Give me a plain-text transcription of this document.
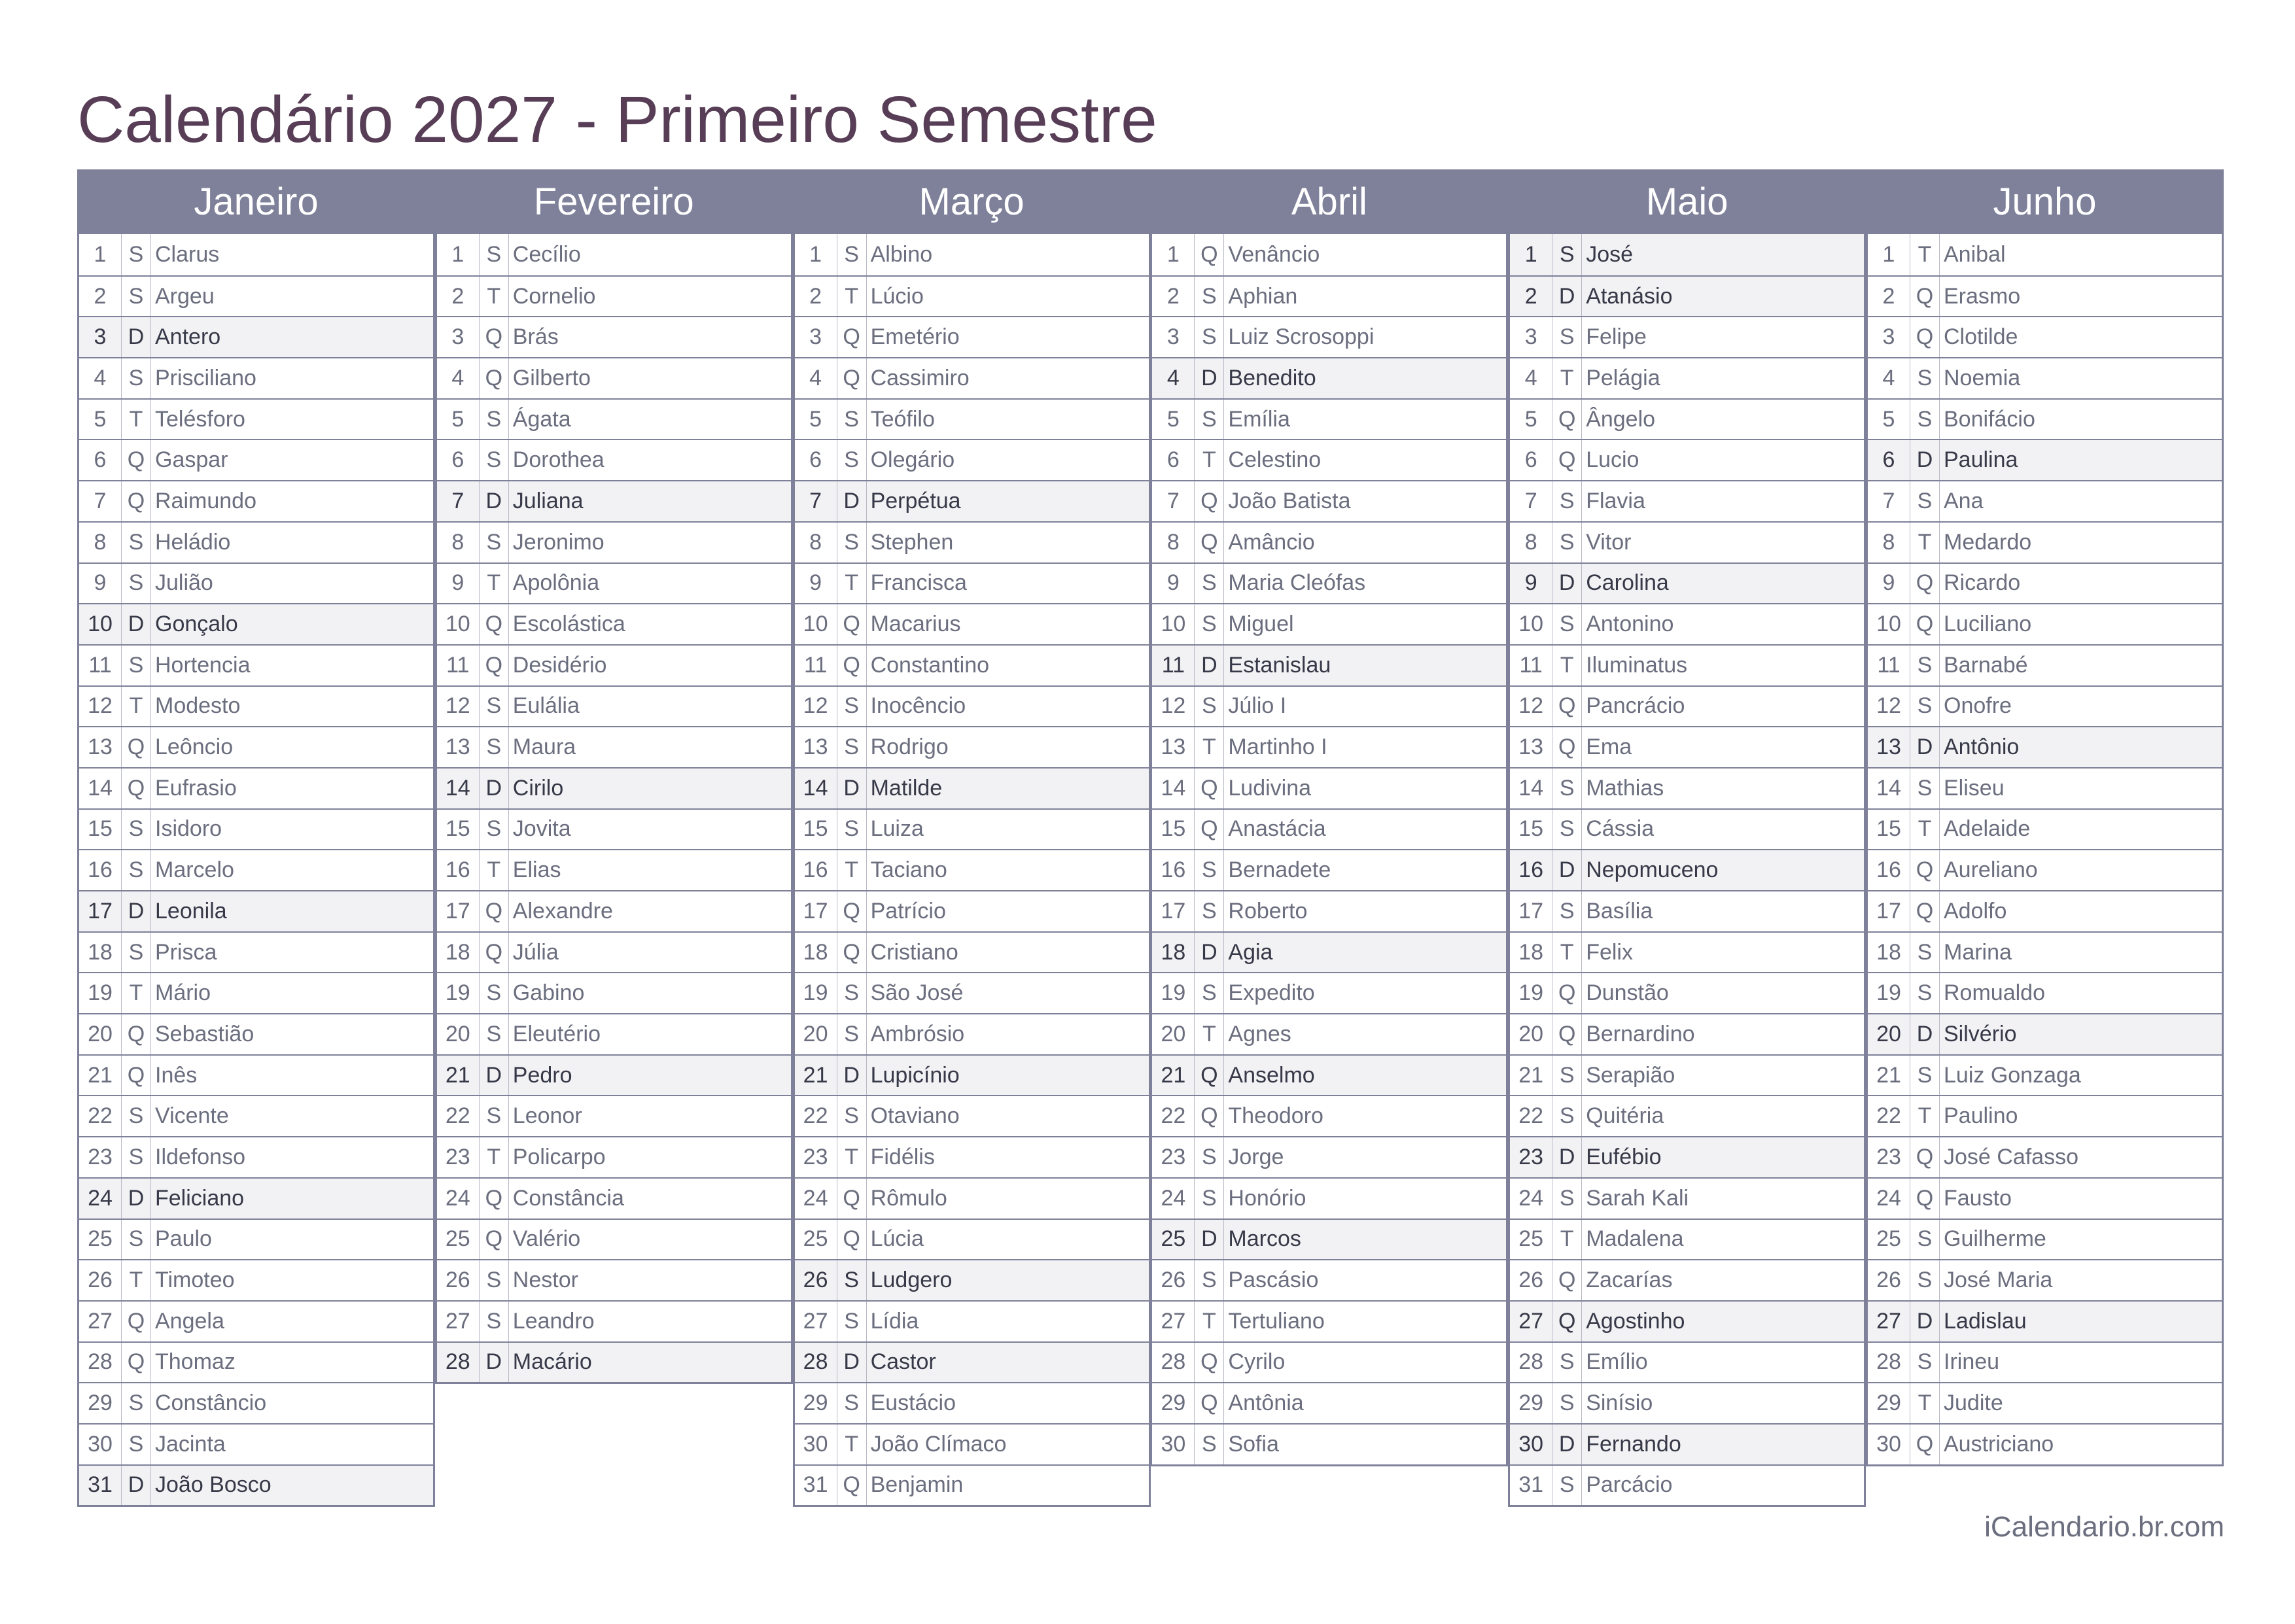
Calendário 2027 - Primeiro Semestre
Janeiro
1	S Clarus
2	S Argeu
3 D Antero
4	S Prisciliano
5	T Telésforo
6 Q Gaspar
7 Q Raimundo
8	S Heládio
9	S Julião
10 D Gonçalo
11 S Hortencia
12 T Modesto
13 Q Leôncio
14 Q Eufrasio
15 S Isidoro
16 S Marcelo
17 D Leonila
18 S Prisca
19 T Mário
20 Q Sebastião
21 Q Inês
22 S Vicente
23 S Ildefonso
24 D Feliciano
25 S Paulo
26 T Timoteo
27 Q Angela
28 Q Thomaz
29 S Constâncio
30 S Jacinta
31 D João Bosco
Fevereiro
1	S Cecílio
2	T Cornelio
3 Q Brás
4 Q Gilberto
5	S Ágata
6	S Dorothea
7 D Juliana
8	S Jeronimo
9	T Apolônia
10 Q Escolástica
11 Q Desidério
12 S Eulália
13 S Maura
14 D Cirilo
15 S Jovita
16 T Elias
17 Q Alexandre
18 Q Júlia
19 S Gabino
20 S Eleutério
21 D Pedro
22 S Leonor
23 T Policarpo
24 Q Constância
25 Q Valério
26 S Nestor
27 S Leandro
28 D Macário
Março
1	S Albino
2	T Lúcio
3 Q Emetério
4 Q Cassimiro
5	S Teófilo
6	S Olegário
7 D Perpétua
8	S Stephen
9	T Francisca
10 Q Macarius
11 Q Constantino
12 S Inocêncio
13 S Rodrigo
14 D Matilde
15 S Luiza
16 T Taciano
17 Q Patrício
18 Q Cristiano
19 S São José
20 S Ambrósio
21 D Lupicínio
22 S Otaviano
23 T Fidélis
24 Q Rômulo
25 Q Lúcia
26 S Ludgero
27 S Lídia
28 D Castor
29 S Eustácio
30 T João Clímaco
31 Q Benjamin
Abril
1 Q Venâncio
2	S Aphian
3	S Luiz Scrosoppi
4 D Benedito
5	S Emília
6	T Celestino
7 Q João Batista
8 Q Amâncio
9	S Maria Cleófas
10 S Miguel
11 D Estanislau
12 S Júlio I
13 T Martinho I
14 Q Ludivina
15 Q Anastácia
16 S Bernadete
17 S Roberto
18 D Agia
19 S Expedito
20 T Agnes
21 Q Anselmo
22 Q Theodoro
23 S Jorge
24 S Honório
25 D Marcos
26 S Pascásio
27 T Tertuliano
28 Q Cyrilo
29 Q Antônia
30 S Sofia
Maio
1	S José
2 D Atanásio
3	S Felipe
4	T Pelágia
5 Q Ângelo
6 Q Lucio
7	S Flavia
8	S Vitor
9 D Carolina
10 S Antonino
11 T Iluminatus
12 Q Pancrácio
13 Q Ema
14 S Mathias
15 S Cássia
16 D Nepomuceno
17 S Basília
18 T Felix
19 Q Dunstão
20 Q Bernardino
21 S Serapião
22 S Quitéria
23 D Eufébio
24 S Sarah Kali
25 T Madalena
26 Q Zacarías
27 Q Agostinho
28 S Emílio
29 S Sinísio
30 D Fernando
31 S Parcácio
Junho
1	T Anibal
2 Q Erasmo
3 Q Clotilde
4	S Noemia
5	S Bonifácio
6 D Paulina
7	S Ana
8	T Medardo
9 Q Ricardo
10 Q Luciliano
11 S Barnabé
12 S Onofre
13 D Antônio
14 S Eliseu
15 T Adelaide
16 Q Aureliano
17 Q Adolfo
18 S Marina
19 S Romualdo
20 D Silvério
21 S Luiz Gonzaga
22 T Paulino
23 Q José Cafasso
24 Q Fausto
25 S Guilherme
26 S José Maria
27 D Ladislau
28 S Irineu
29 T Judite
30 Q Austriciano
iCalendario.br.com
